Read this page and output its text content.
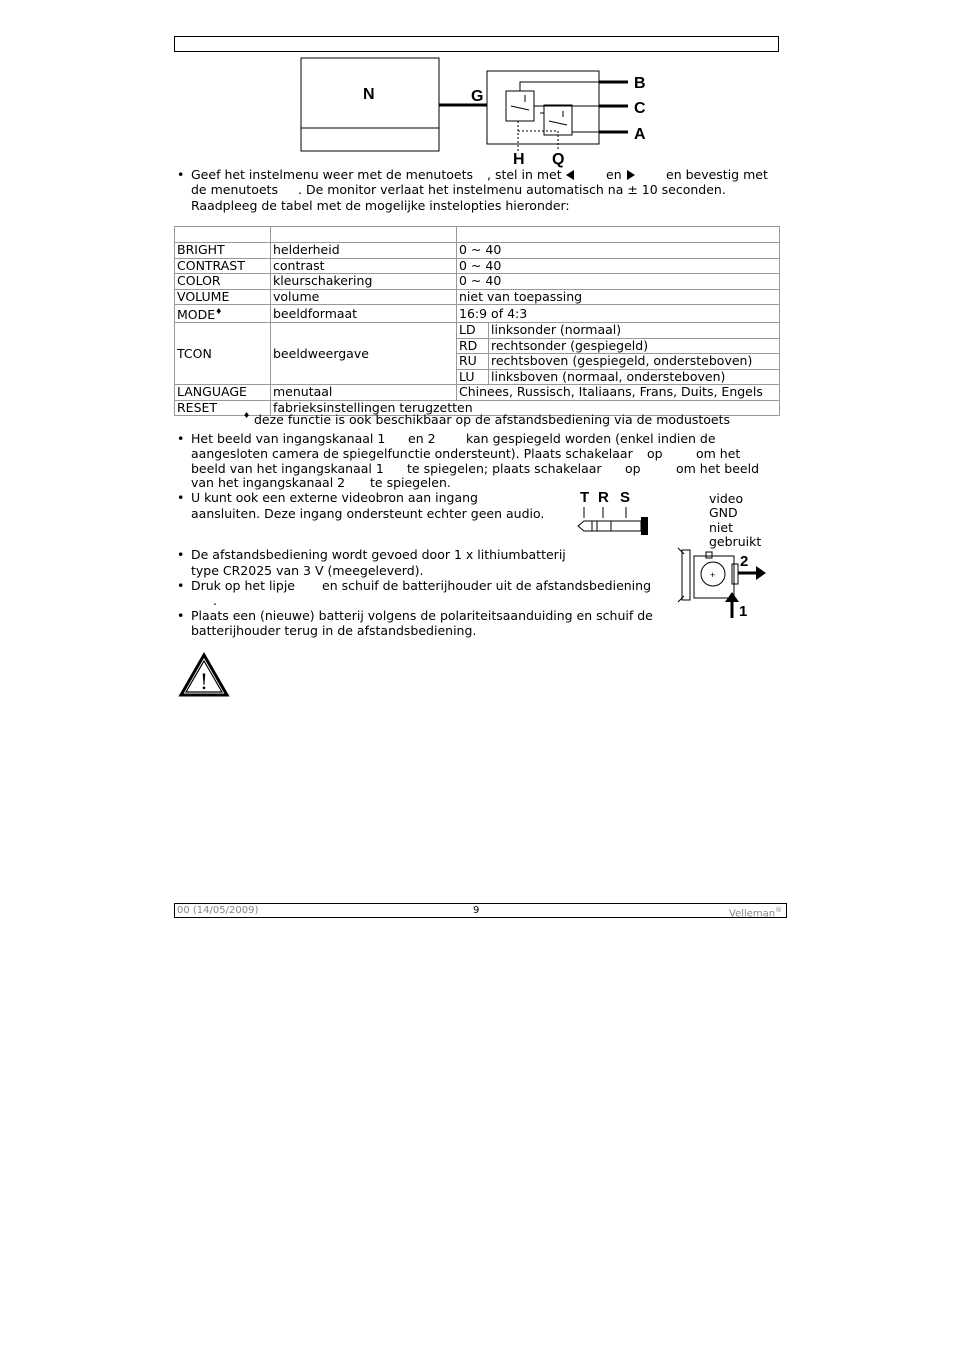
N	G
B
C
A
H Q
• Geef het instelmenu weer met de menutoets , stel in met	en	en bevestig met
de menutoets . De monitor verlaat het instelmenu automatisch na ± 10 seconden.
Raadpleeg de tabel met de mogelijke instelopties hieronder:

BRIGHT	helderheid	0 ~ 40	
CONTRAST	contrast	0 ~ 40	
COLOR	kleurschakering	0 ~ 40	
VOLUME	volume	niet van toepassing	
MODE♦	beeldformaat	16:9 of 4:3	
TCON	beeldweergave	LD	linksonder (normaal)
		RD	rechtsonder (gespiegeld)
		RU	rechtsboven (gespiegeld, ondersteboven)
		LU	linksboven (normaal, ondersteboven)
LANGUAGE	menutaal	Chinees, Russisch, Italiaans, Frans, Duits, Engels	
RESET	fabrieksinstellingen terugzetten		
♦ deze functie is ook beschikbaar op de afstandsbediening via de modustoets
• Het beeld van ingangskanaal 1 en 2 kan gespiegeld worden (enkel indien de
aangesloten camera de spiegelfunctie ondersteunt). Plaats schakelaar op	om het
beeld van het ingangskanaal 1 te spiegelen; plaats schakelaar op	om het beeld
van het ingangskanaal 2 te spiegelen.
• U kunt ook een externe videobron aan ingang
aansluiten. Deze ingang ondersteunt echter geen audio.
T R S	video
GND
niet
gebruikt
• De afstandsbediening wordt gevoed door 1 x lithiumbatterij
type CR2025 van 3 V (meegeleverd).
• Druk op het lipje en schuif de batterijhouder uit de afstandsbediening
.
• Plaats een (nieuwe) batterij volgens de polariteitsaanduiding en schuif de
batterijhouder terug in de afstandsbediening.
+
2
1
!
00 (14/05/2009)	9	Velleman®
